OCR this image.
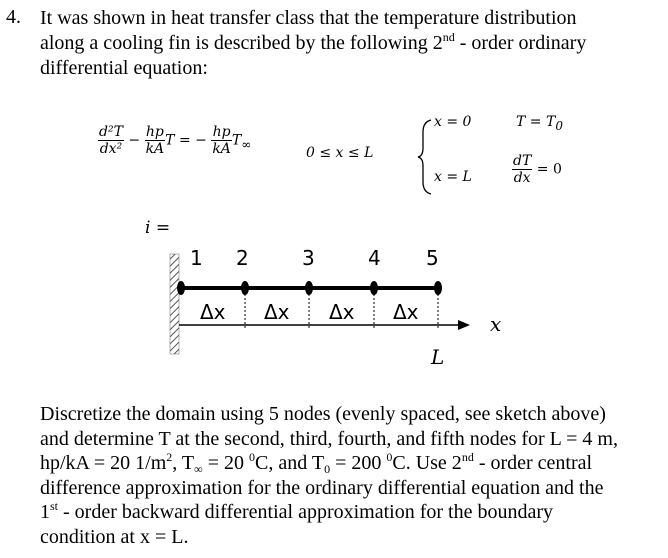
4. It was shown in heat transfer class that the temperature distribution
along a cooling fin is described by the following 2nd - order ordinary
differential equation:
$\frac{\text{d²T}}{\text{dx²}} - \frac{hp}{kA}$ T = − $\frac{hp}{kA} T_\infty$
0 ≤ x ≤ L
x = 0
x = L
$T = T_0$
$\frac{dT}{dx} = 0$
i =
1 2	3	4 5
Δx Δx Δx Δx	x
L
Discretize the domain using 5 nodes (evenly spaced, see sketch above)
and determine T at the second, third, fourth, and fifth nodes for L = 4 m,
hp/kA = 20 $1/m^2$, $T_\infty = 20$ $^0$C, and $T_0 = 200$ $^0$C. Use 2nd - order central
difference approximation for the ordinary differential equation and the
1st - order backward differential approximation for the boundary
condition at x = L.
